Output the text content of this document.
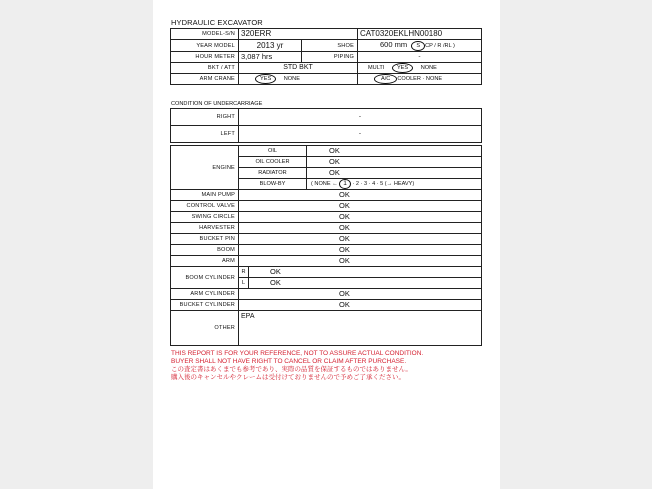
HYDRAULIC EXCAVATOR
MODEL-S/N	320ERR		CAT0320EKLHN00180
YEAR MODEL	2013 yr	SHOE	600 mm S CP / R /RL )
HOUR METER	3,087 hrs	PIPING	-
BKT / ATT	STD BKT		MULTI YES NONE
ARM CRANE	YES NONE		A/C COOLER · NONE
CONDITION OF UNDERCARRIAGE
RIGHT	-
LEFT	-
ENGINE	OIL		OK
	OIL COOLER		OK
	RADIATOR		OK
	BLOW-BY		( NONE ← 1 · 2 · 3 · 4 · 5 (→ HEAVY)
MAIN PUMP	OK		
CONTROL VALVE	OK		
SWING CIRCLE	OK		
HARVESTER	OK		
BUCKET PIN	OK		
BOOM	OK		
ARM	OK		
BOOM CYLINDER	R	OK	
	L	OK	
ARM CYLINDER	OK		
BUCKET CYLINDER	OK		
OTHER	EPA		
THIS REPORT IS FOR YOUR REFERENCE, NOT TO ASSURE ACTUAL CONDITION.
BUYER SHALL NOT HAVE RIGHT TO CANCEL OR CLAIM AFTER PURCHASE.
この査定書はあくまでも参考であり、実際の品質を保証するものではありません。
購入後のキャンセルやクレームは受付けておりませんので予めご了承ください。
